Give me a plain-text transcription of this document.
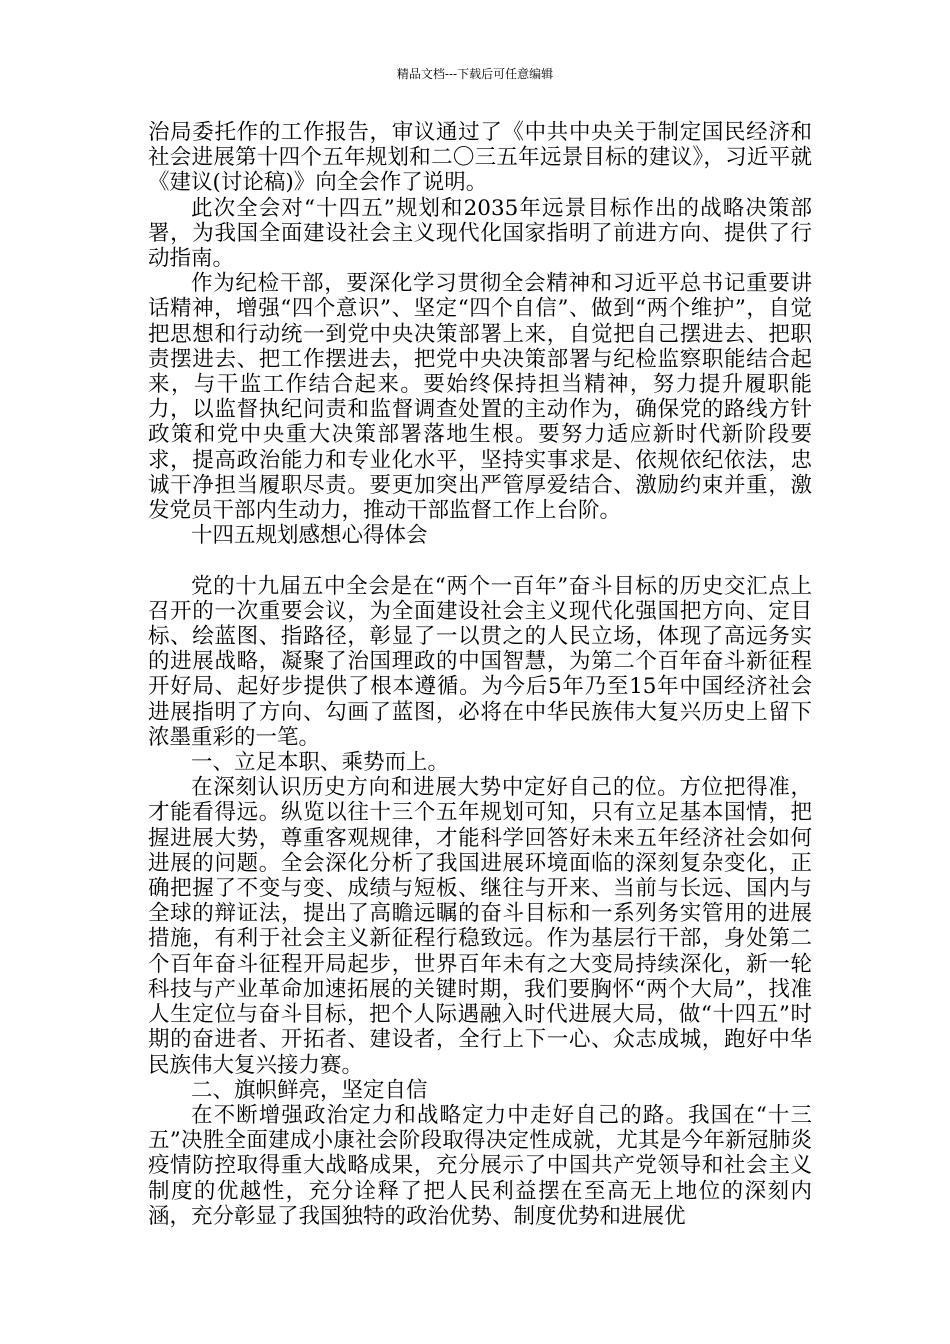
精品文档---下载后可任意编辑

治局委托作的工作报告，审议通过了《中共中央关于制定国民经济和社会进展第十四个五年规划和二〇三五年远景目标的建议》，习近平就《建议(讨论稿)》向全会作了说明。

此次全会对“十四五”规划和2035年远景目标作出的战略决策部署，为我国全面建设社会主义现代化国家指明了前进方向、提供了行动指南。

作为纪检干部，要深化学习贯彻全会精神和习近平总书记重要讲话精神，增强“四个意识”、坚定“四个自信”、做到“两个维护”，自觉把思想和行动统一到党中央决策部署上来，自觉把自己摆进去、把职责摆进去、把工作摆进去，把党中央决策部署与纪检监察职能结合起来，与干监工作结合起来。要始终保持担当精神，努力提升履职能力，以监督执纪问责和监督调查处置的主动作为，确保党的路线方针政策和党中央重大决策部署落地生根。要努力适应新时代新阶段要求，提高政治能力和专业化水平，坚持实事求是、依规依纪依法，忠诚干净担当履职尽责。要更加突出严管厚爱结合、激励约束并重，激发党员干部内生动力，推动干部监督工作上台阶。

十四五规划感想心得体会

党的十九届五中全会是在“两个一百年”奋斗目标的历史交汇点上召开的一次重要会议，为全面建设社会主义现代化强国把方向、定目标、绘蓝图、指路径，彰显了一以贯之的人民立场，体现了高远务实的进展战略，凝聚了治国理政的中国智慧，为第二个百年奋斗新征程开好局、起好步提供了根本遵循。为今后5年乃至15年中国经济社会进展指明了方向、勾画了蓝图，必将在中华民族伟大复兴历史上留下浓墨重彩的一笔。

一、立足本职、乘势而上。

在深刻认识历史方向和进展大势中定好自己的位。方位把得准，才能看得远。纵览以往十三个五年规划可知，只有立足基本国情，把握进展大势，尊重客观规律，才能科学回答好未来五年经济社会如何进展的问题。全会深化分析了我国进展环境面临的深刻复杂变化，正确把握了不变与变、成绩与短板、继往与开来、当前与长远、国内与全球的辩证法，提出了高瞻远瞩的奋斗目标和一系列务实管用的进展措施，有利于社会主义新征程行稳致远。作为基层行干部，身处第二个百年奋斗征程开局起步，世界百年未有之大变局持续深化，新一轮科技与产业革命加速拓展的关键时期，我们要胸怀“两个大局”，找准人生定位与奋斗目标，把个人际遇融入时代进展大局，做“十四五”时期的奋进者、开拓者、建设者，全行上下一心、众志成城，跑好中华民族伟大复兴接力赛。

二、旗帜鲜亮，坚定自信

在不断增强政治定力和战略定力中走好自己的路。我国在“十三五”决胜全面建成小康社会阶段取得决定性成就，尤其是今年新冠肺炎疫情防控取得重大战略成果，充分展示了中国共产党领导和社会主义制度的优越性，充分诠释了把人民利益摆在至高无上地位的深刻内涵，充分彰显了我国独特的政治优势、制度优势和进展优
